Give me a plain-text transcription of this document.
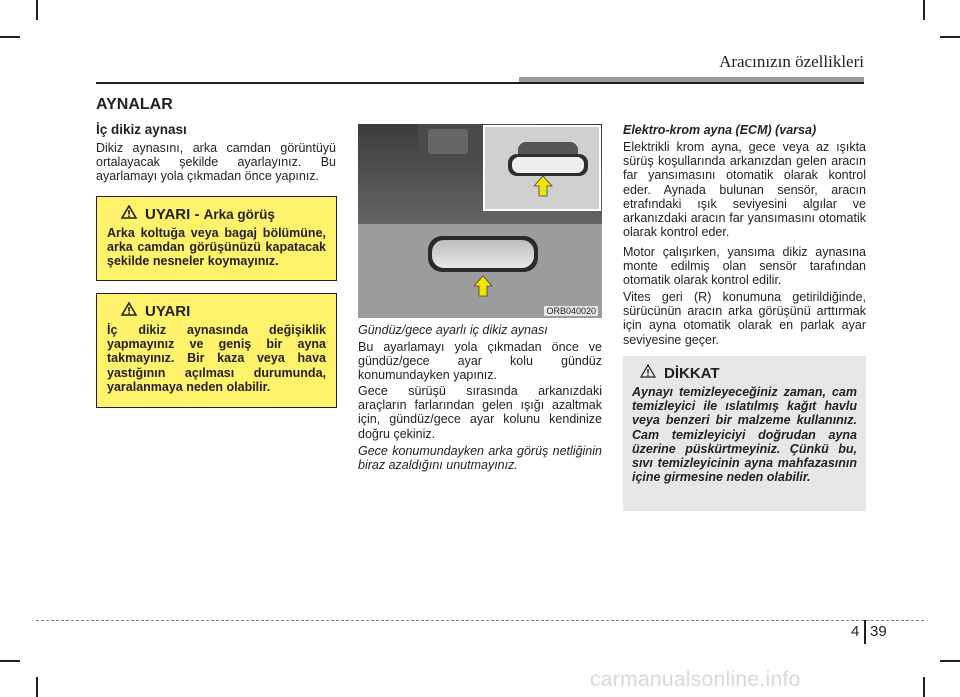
Aracınızın özellikleri
AYNALAR
İç dikiz aynası
Dikiz aynasını, arka camdan görüntüyü ortalayacak şekilde ayarlayınız. Bu ayarlamayı yola çıkmadan önce yapınız.
UYARI -
Arka görüş
Arka koltuğa veya bagaj bölümüne, arka camdan görüşünüzü kapatacak şekilde nesneler koymayınız.
UYARI
İç dikiz aynasında değişiklik yapmayınız ve geniş bir ayna takmayınız. Bir kaza veya hava yastığının açılması durumunda, yaralanmaya neden olabilir.
ORB040020
Gündüz/gece ayarlı iç dikiz aynası
Bu ayarlamayı yola çıkmadan önce ve gündüz/gece ayar kolu gündüz konumundayken yapınız.
Gece sürüşü sırasında arkanızdaki araçların farlarından gelen ışığı azaltmak için, gündüz/gece ayar kolunu kendinize doğru çekiniz.
Gece konumundayken arka görüş netliğinin biraz azaldığını unutmayınız.
Elektro-krom ayna (ECM) (varsa)
Elektrikli krom ayna, gece veya az ışıkta sürüş koşullarında arkanızdan gelen aracın far yansımasını otomatik olarak kontrol eder. Aynada bulunan sensör, aracın etrafındaki ışık seviyesini algılar ve arkanızdaki aracın far yansımasını otomatik olarak kontrol eder.
Motor çalışırken, yansıma dikiz aynasına monte edilmiş olan sensör tarafından otomatik olarak kontrol edilir.
Vites geri (R) konumuna getirildiğinde, sürücünün aracın arka görüşünü arttırmak için ayna otomatik olarak en parlak ayar seviyesine geçer.
DİKKAT
Aynayı temizleyeceğiniz zaman, cam temizleyici ile ıslatılmış kağıt havlu veya benzeri bir malzeme kullanınız. Cam temizleyiciyi doğrudan ayna üzerine püskürtmeyiniz. Çünkü bu, sıvı temizleyicinin ayna mahfazasının içine girmesine neden olabilir.
4 39
carmanualsonline.info
